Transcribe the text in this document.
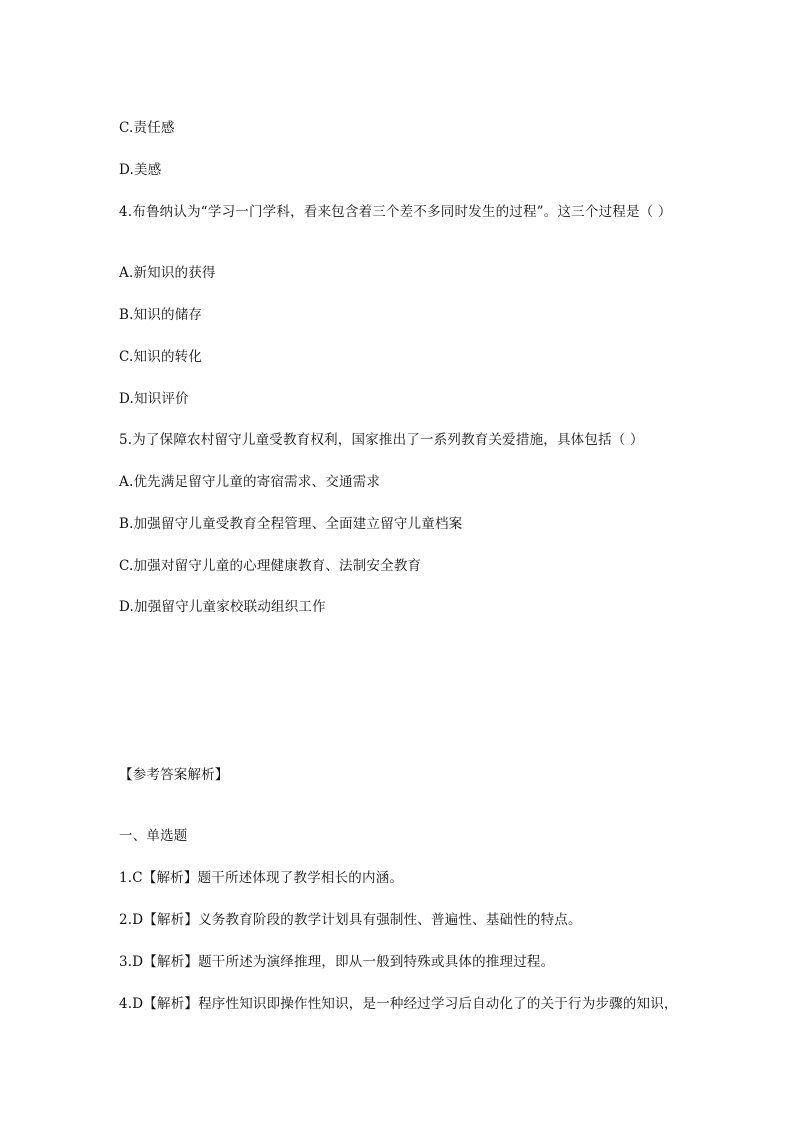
C.责任感
D.美感
4.布鲁纳认为“学习一门学科，看来包含着三个差不多同时发生的过程”。这三个过程是（ ）
A.新知识的获得
B.知识的储存
C.知识的转化
D.知识评价
5.为了保障农村留守儿童受教育权利，国家推出了一系列教育关爱措施，具体包括（ ）
A.优先满足留守儿童的寄宿需求、交通需求
B.加强留守儿童受教育全程管理、全面建立留守儿童档案
C.加强对留守儿童的心理健康教育、法制安全教育
D.加强留守儿童家校联动组织工作
【参考答案解析】
一、单选题
1.C【解析】题干所述体现了教学相长的内涵。
2.D【解析】义务教育阶段的教学计划具有强制性、普遍性、基础性的特点。
3.D【解析】题干所述为演绎推理，即从一般到特殊或具体的推理过程。
4.D【解析】程序性知识即操作性知识，是一种经过学习后自动化了的关于行为步骤的知识，
